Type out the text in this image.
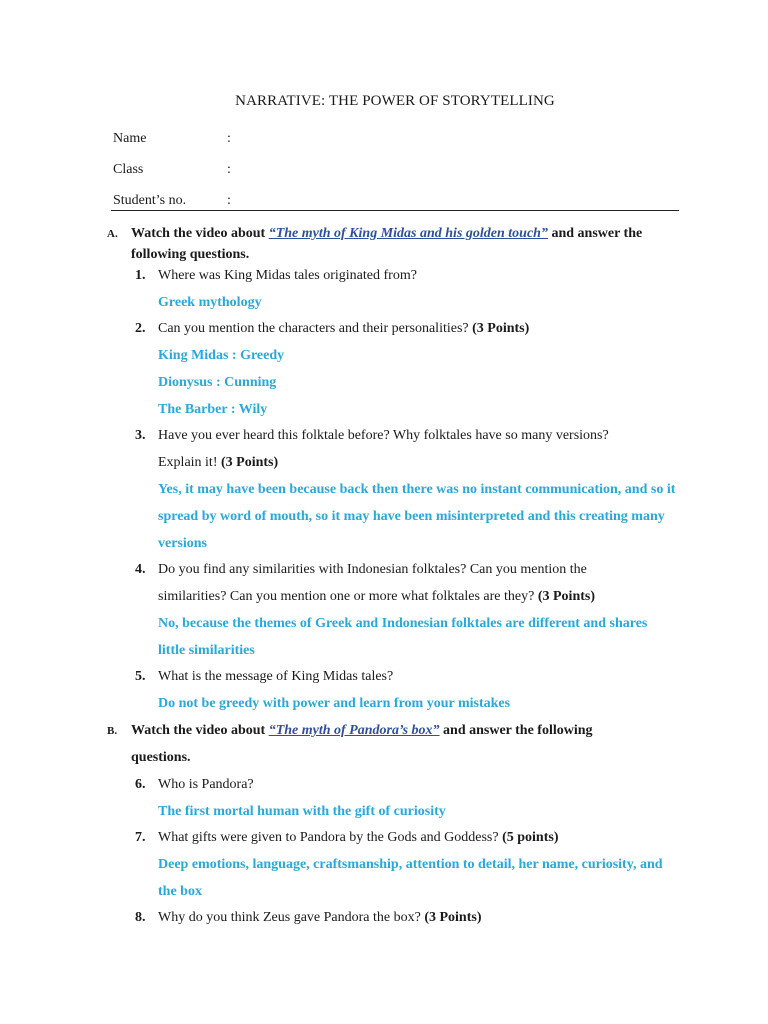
NARRATIVE: THE POWER OF STORYTELLING
Name	:
Class	:
Student’s no.	:
A. Watch the video about “The myth of King Midas and his golden touch” and answer the following questions.
1. Where was King Midas tales originated from?
Greek mythology
2. Can you mention the characters and their personalities? (3 Points)
King Midas : Greedy
Dionysus : Cunning
The Barber : Wily
3. Have you ever heard this folktale before? Why folktales have so many versions? Explain it! (3 Points)
Yes, it may have been because back then there was no instant communication, and so it spread by word of mouth, so it may have been misinterpreted and this creating many versions
4. Do you find any similarities with Indonesian folktales? Can you mention the similarities? Can you mention one or more what folktales are they? (3 Points)
No, because the themes of Greek and Indonesian folktales are different and shares little similarities
5. What is the message of King Midas tales?
Do not be greedy with power and learn from your mistakes
B. Watch the video about “The myth of Pandora’s box” and answer the following questions.
6. Who is Pandora?
The first mortal human with the gift of curiosity
7. What gifts were given to Pandora by the Gods and Goddess? (5 points)
Deep emotions, language, craftsmanship, attention to detail, her name, curiosity, and the box
8. Why do you think Zeus gave Pandora the box? (3 Points)
